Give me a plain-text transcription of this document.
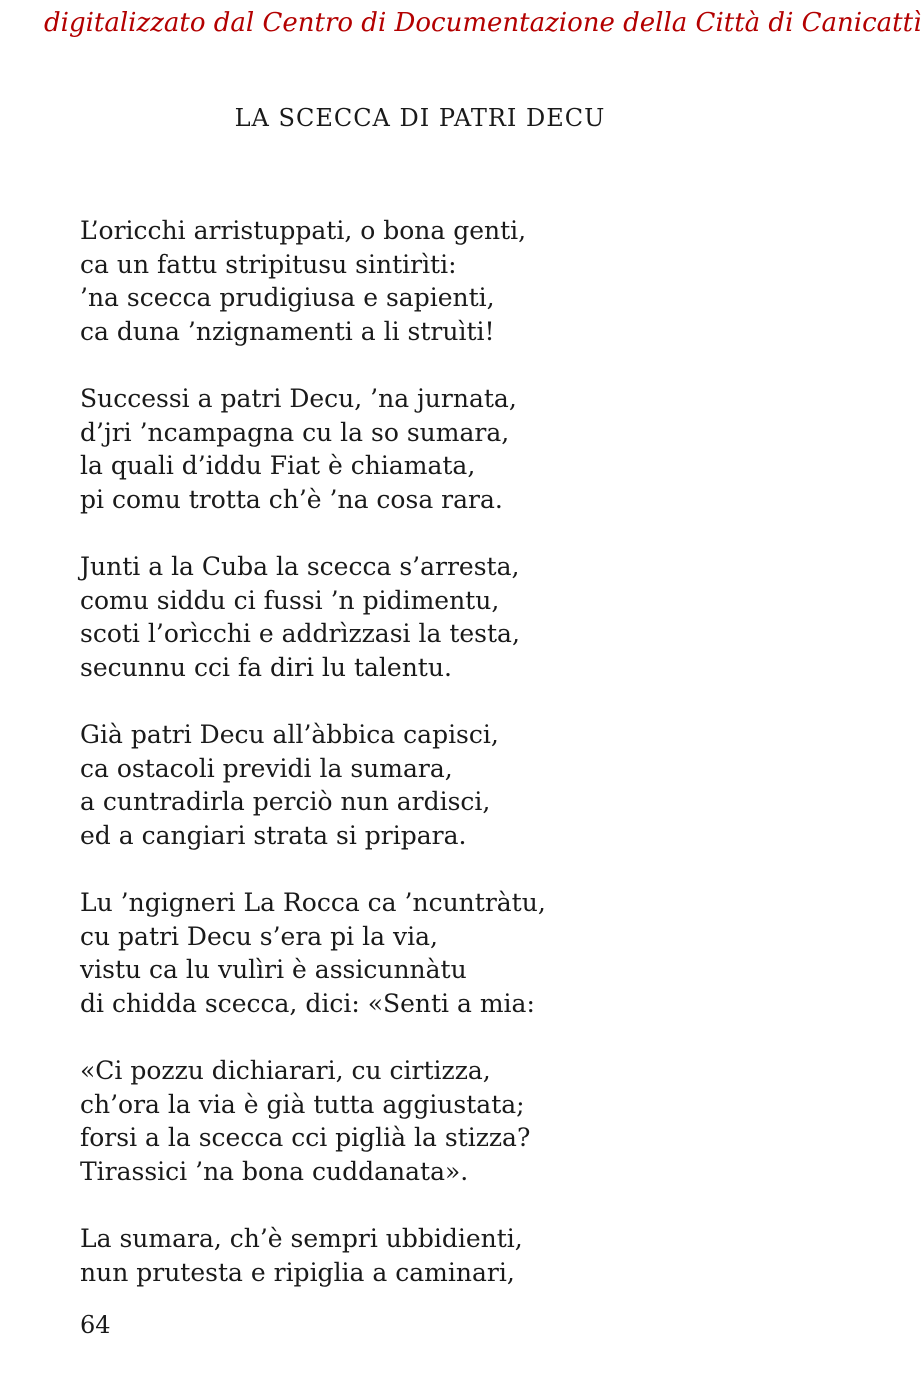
digitalizzato dal Centro di Documentazione della Città di Canicattì
LA SCECCA DI PATRI DECU
L’oricchi arristuppati, o bona genti,
ca un fattu stripitusu sintirìti:
’na scecca prudigiusa e sapienti,
ca duna ’nzignamenti a li struìti!
Successi a patri Decu, ’na jurnata,
d’jri ’ncampagna cu la so sumara,
la quali d’iddu Fiat è chiamata,
pi comu trotta ch’è ’na cosa rara.
Junti a la Cuba la scecca s’arresta,
comu siddu ci fussi ’n pidimentu,
scoti l’orìcchi e addrìzzasi la testa,
secunnu cci fa diri lu talentu.
Già patri Decu all’àbbica capisci,
ca ostacoli previdi la sumara,
a cuntradirla perciò nun ardisci,
ed a cangiari strata si pripara.
Lu ’ngigneri La Rocca ca ’ncuntràtu,
cu patri Decu s’era pi la via,
vistu ca lu vulìri è assicunnàtu
di chidda scecca, dici: «Senti a mia:
«Ci pozzu dichiarari, cu cirtizza,
ch’ora la via è già tutta aggiustata;
forsi a la scecca cci piglià la stizza?
Tirassici ’na bona cuddanata».
La sumara, ch’è sempri ubbidienti,
nun prutesta e ripiglia a caminari,
64
